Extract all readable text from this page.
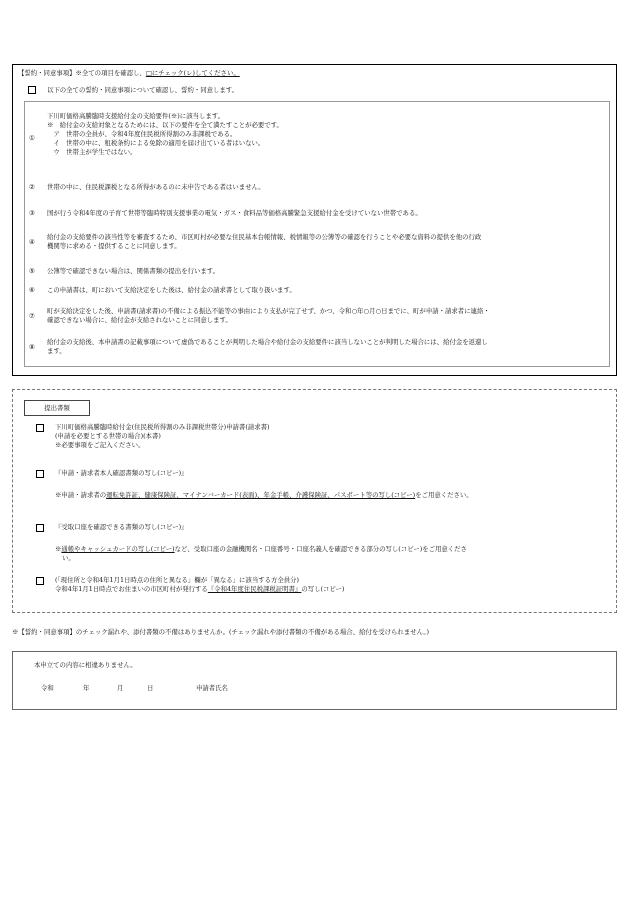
【誓約・同意事項】※全ての項目を確認し、□にチェック(レ)してください。
以下の全ての誓約・同意事項について確認し、誓約・同意します。
①
下川町価格高騰臨時支援給付金の支給要件(※)に該当します。
※　給付金の支給対象となるためには、以下の要件を全て満たすことが必要です。
　ア　世帯の全員が、令和4年度住民税所得割のみ非課税である。
　イ　世帯の中に、租税条約による免除の適用を届け出ている者はいない。
　ウ　世帯主が学生ではない。
② 世帯の中に、住民税課税となる所得があるのに未申告である者はいません。
③ 国が行う令和4年度の子育て世帯等臨時特別支援事業の電気・ガス・食料品等価格高騰緊急支援給付金を受けていない世帯である。
④
給付金の支給要件の該当性等を審査するため、市区町村が必要な住民基本台帳情報、税情報等の公簿等の確認を行うことや必要な資料の提供を他の行政
機関等に求める・提供することに同意します。
⑤ 公簿等で確認できない場合は、関係書類の提出を行います。
⑥ この申請書は、町において支給決定をした後は、給付金の請求書として取り扱います。
⑦
町が支給決定をした後、申請書(請求書)の不備による振込不能等の事由により支払が完了せず、かつ、令和○年○月○日までに、町が申請・請求者に連絡・
確認できない場合に、給付金が支給されないことに同意します。
⑧
給付金の支給後、本申請書の記載事項について虚偽であることが判明した場合や給付金の支給要件に該当しないことが判明した場合には、給付金を返還し
ます。
提出書類
下川町価格高騰臨時給付金(住民税所得割のみ非課税世帯分)申請書(請求書)
(申請を必要とする世帯の場合)(本書)
※必要事項をご記入ください。
『申請・請求者本人確認書類の写し(コピー)』
※申請・請求者の運転免許証、健康保険証、マイナンバーカード(表面)、年金手帳、介護保険証、パスポート等の写し(コピー)をご用意ください。
『受取口座を確認できる書類の写し(コピー)』
※通帳やキャッシュカードの写し(コピー)など、受取口座の金融機関名・口座番号・口座名義人を確認できる部分の写し(コピー)をご用意くださ
い。
(「現住所と令和4年1月1日時点の住所と異なる」欄が「異なる」に該当する方全員分)
令和4年1月1日時点でお住まいの市区町村が発行する『令和4年度住民税課税証明書』の写し(コピー)
※【誓約・同意事項】のチェック漏れや、添付書類の不備はありませんか。(チェック漏れや添付書類の不備がある場合、給付を受けられません。)
本申立ての内容に相違ありません。
令和	年	月	日	申請者氏名
